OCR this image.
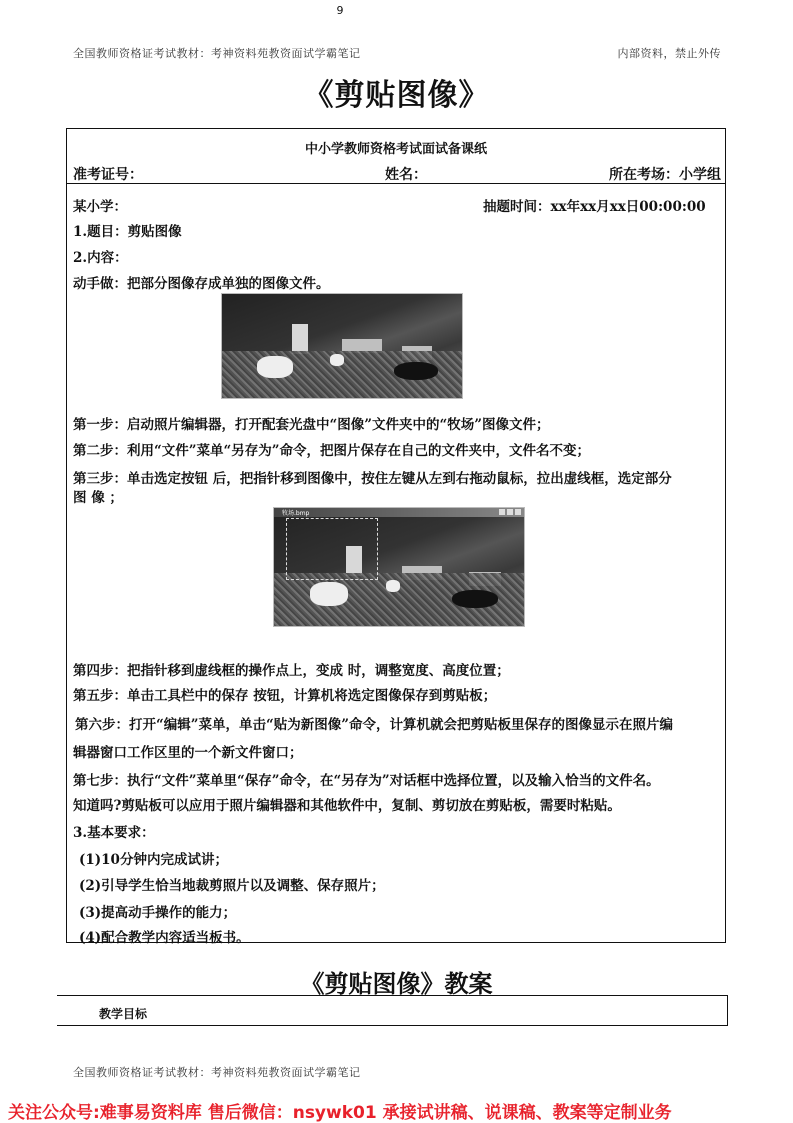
9
全国教师资格证考试教材：考神资料苑教资面试学霸笔记	内部资料，禁止外传
《剪贴图像》
中小学教师资格考试面试备课纸
准考证号：	姓名：	所在考场：小学组
某小学：	抽题时间：xx年xx月xx日00:00:00
1.题目：剪贴图像
2.内容：
动手做：把部分图像存成单独的图像文件。
第一步：启动照片编辑器，打开配套光盘中“图像”文件夹中的“牧场”图像文件；
第二步：利用“文件”菜单“另存为”命令，把图片保存在自己的文件夹中，文件名不变；
第三步：单击选定按钮 后，把指针移到图像中，按住左键从左到右拖动鼠标，拉出虚线框，选定部分
图 像 ；
牧场.bmp
第四步：把指针移到虚线框的操作点上，变成 时，调整宽度、高度位置；
第五步：单击工具栏中的保存 按钮，计算机将选定图像保存到剪贴板；
第六步：打开“编辑”菜单，单击“贴为新图像”命令，计算机就会把剪贴板里保存的图像显示在照片编
辑器窗口工作区里的一个新文件窗口；
第七步：执行“文件”菜单里“保存”命令，在“另存为”对话框中选择位置，以及输入恰当的文件名。
知道吗?剪贴板可以应用于照片编辑器和其他软件中，复制、剪切放在剪贴板，需要时粘贴。
3.基本要求：
(1)10分钟内完成试讲；
(2)引导学生恰当地裁剪照片以及调整、保存照片；
(3)提高动手操作的能力；
(4)配合教学内容适当板书。
《剪贴图像》教案
教学目标
全国教师资格证考试教材：考神资料苑教资面试学霸笔记
关注公众号:难事易资料库 售后微信：nsywk01 承接试讲稿、说课稿、教案等定制业务
